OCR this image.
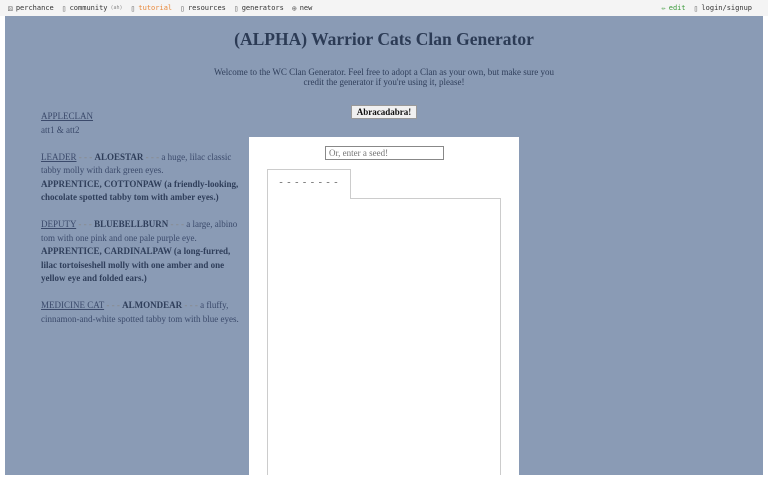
⚄ perchance ▯ community (ah) ▯ tutorial ▯ resources ▯ generators ⊕ new	✏ edit ▯ login/signup
(ALPHA) Warrior Cats Clan Generator
Welcome to the WC Clan Generator. Feel free to adopt a Clan as your own, but make sure you credit the generator if you're using it, please!
Abracadabra!
Or, enter a seed!
- - - - - - - -

APPLECLAN
att1 & att2

LEADER - - - ALOESTAR - - - a huge, lilac classic tabby molly with dark green eyes.
APPRENTICE, COTTONPAW (a friendly-looking, chocolate spotted tabby tom with amber eyes.)

DEPUTY - - - BLUEBELLBURN - - - a large, albino tom with one pink and one pale purple eye.
APPRENTICE, CARDINALPAW (a long-furred, lilac tortoiseshell molly with one amber and one yellow eye and folded ears.)

MEDICINE CAT - - - ALMONDEAR - - - a fluffy, cinnamon-and-white spotted tabby tom with blue eyes.
